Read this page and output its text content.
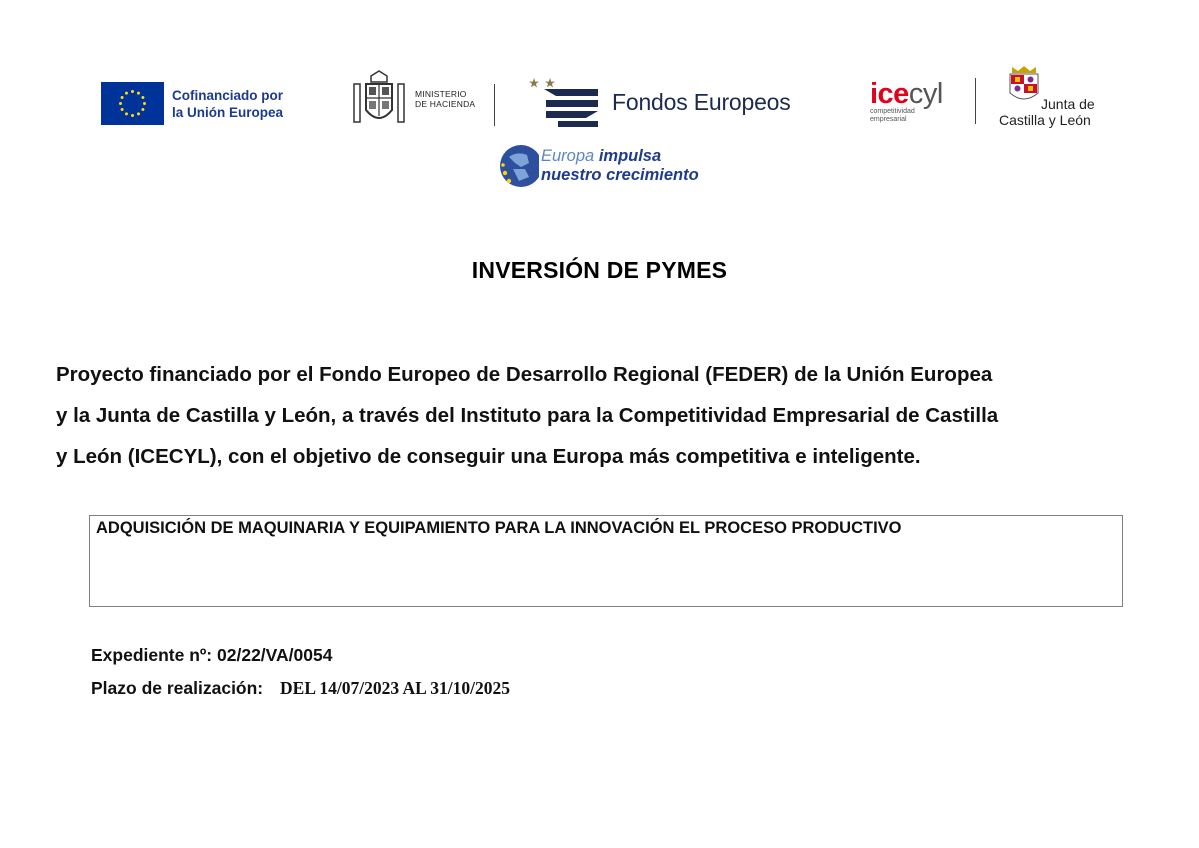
Cofinanciado por
la Unión Europea
MINISTERIO
DE HACIENDA	Fondos Europeos	icecyl
competitividad
empresarial
Junta de
Castilla y León
Europa impulsa
nuestro crecimiento
INVERSIÓN DE PYMES
Proyecto financiado por el Fondo Europeo de Desarrollo Regional (FEDER) de la Unión Europea
y la Junta de Castilla y León, a través del Instituto para la Competitividad Empresarial de Castilla
y León (ICECYL), con el objetivo de conseguir una Europa más competitiva e inteligente.
ADQUISICIÓN DE MAQUINARIA Y EQUIPAMIENTO PARA LA INNOVACIÓN EL PROCESO PRODUCTIVO
Expediente nº: 02/22/VA/0054
Plazo de realización: DEL 14/07/2023 AL 31/10/2025
